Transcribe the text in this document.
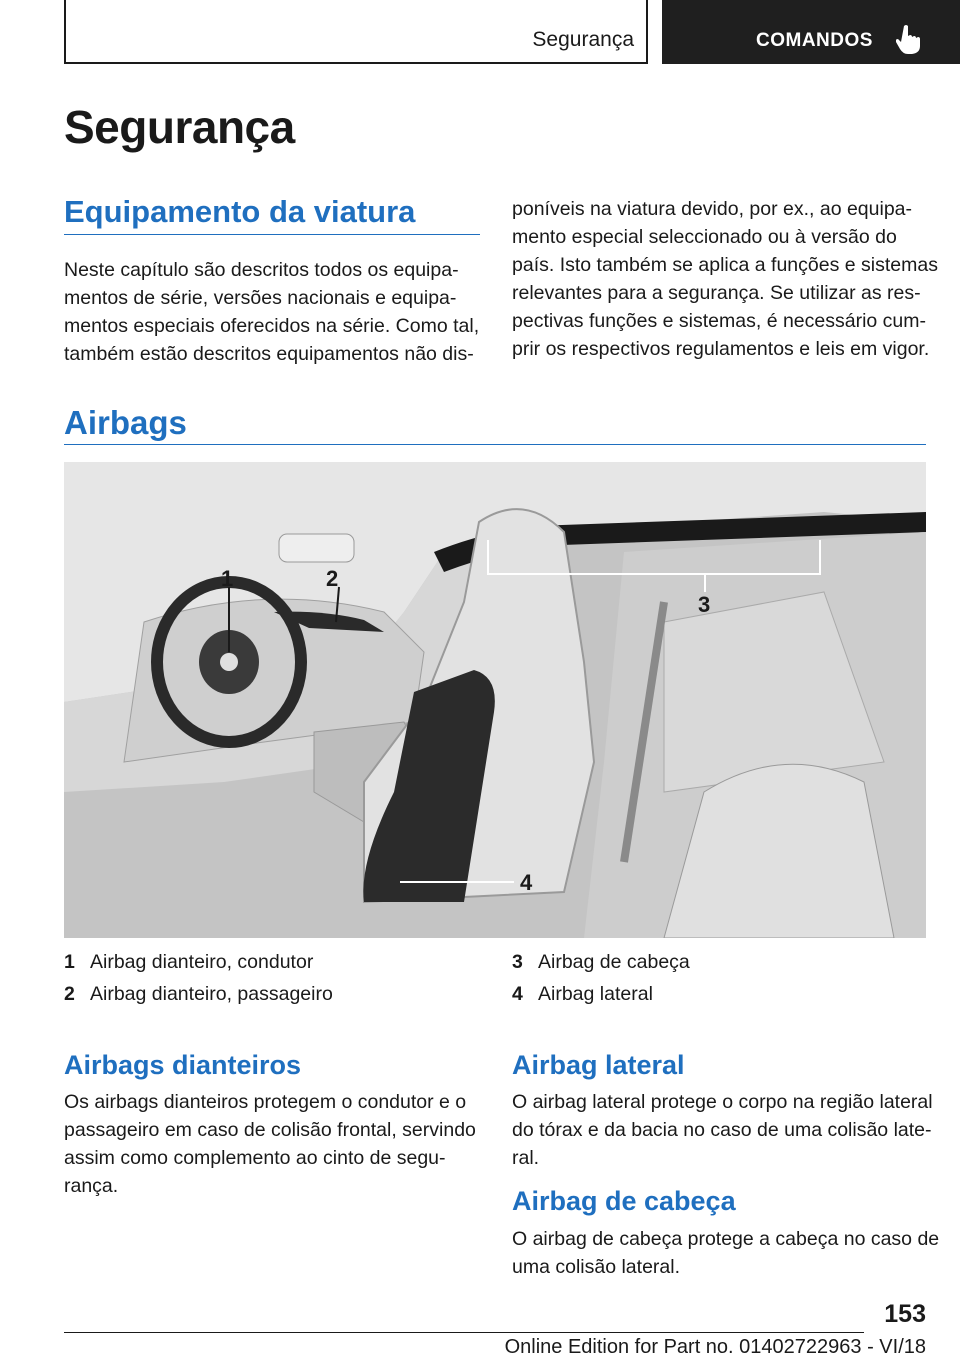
Segurança	COMANDOS
Segurança
Equipamento da viatura

Neste capítulo são descritos todos os equipa-
mentos de série, versões nacionais e equipa-
mentos especiais oferecidos na série. Como tal,
também estão descritos equipamentos não dis-

poníveis na viatura devido, por ex., ao equipa-
mento especial seleccionado ou à versão do
país. Isto também se aplica a funções e sistemas
relevantes para a segurança. Se utilizar as res-
pectivas funções e sistemas, é necessário cum-
prir os respectivos regulamentos e leis em vigor.

Airbags
1	2
3
4
1 Airbag dianteiro, condutor
2 Airbag dianteiro, passageiro
3 Airbag de cabeça
4 Airbag lateral
Airbags dianteiros

Os airbags dianteiros protegem o condutor e o
passageiro em caso de colisão frontal, servindo
assim como complemento ao cinto de segu-
rança.

Airbag lateral

O airbag lateral protege o corpo na região lateral
do tórax e da bacia no caso de uma colisão late-
ral.

Airbag de cabeça

O airbag de cabeça protege a cabeça no caso de
uma colisão lateral.

153
Online Edition for Part no. 01402722963 - VI/18
